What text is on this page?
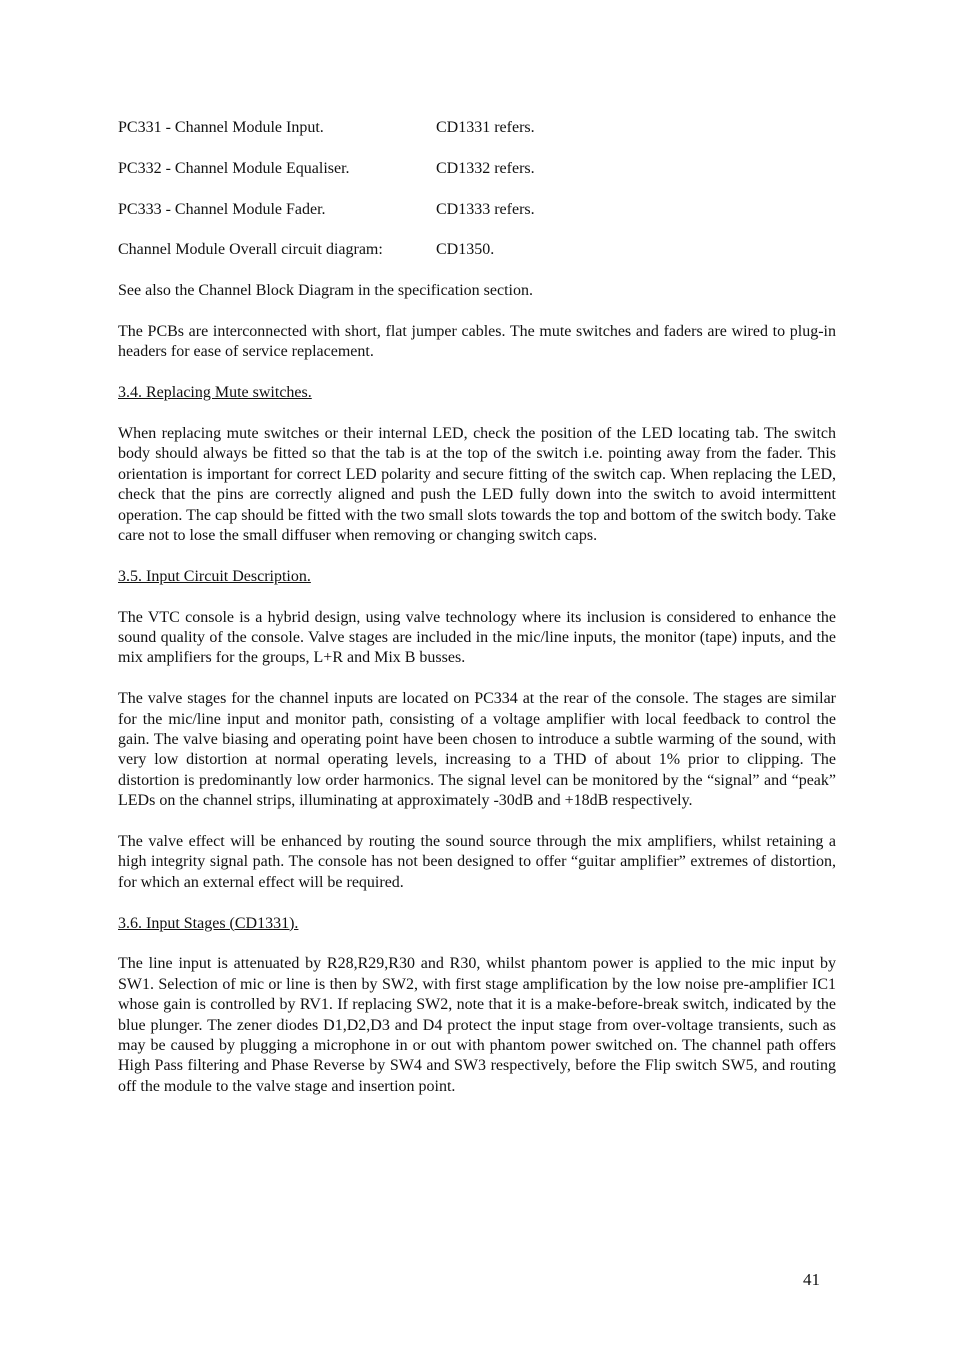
PC331 - Channel Module Input.	CD1331 refers.
PC332 - Channel Module Equaliser.	CD1332 refers.
PC333 - Channel Module Fader.	CD1333 refers.
Channel Module Overall circuit diagram:	CD1350.

See also the Channel Block Diagram in the specification section.

The PCBs are interconnected with short, flat jumper cables. The mute switches and faders are wired to plug-in headers for ease of service replacement.

3.4. Replacing Mute switches.

When replacing mute switches or their internal LED, check the position of the LED locating tab. The switch body should always be fitted so that the tab is at the top of the switch i.e. pointing away from the fader. This orientation is important for correct LED polarity and secure fitting of the switch cap. When replacing the LED, check that the pins are correctly aligned and push the LED fully down into the switch to avoid intermittent operation. The cap should be fitted with the two small slots towards the top and bottom of the switch body. Take care not to lose the small diffuser when removing or changing switch caps.

3.5. Input Circuit Description.

The VTC console is a hybrid design, using valve technology where its inclusion is considered to enhance the sound quality of the console. Valve stages are included in the mic/line inputs, the monitor (tape) inputs, and the mix amplifiers for the groups, L+R and Mix B busses.

The valve stages for the channel inputs are located on PC334 at the rear of the console. The stages are similar for the mic/line input and monitor path, consisting of a voltage amplifier with local feedback to control the gain. The valve biasing and operating point have been chosen to introduce a subtle warming of the sound, with very low distortion at normal operating levels, increasing to a THD of about 1% prior to clipping. The distortion is predominantly low order harmonics. The signal level can be monitored by the “signal” and “peak” LEDs on the channel strips, illuminating at approximately -30dB and +18dB respectively.

The valve effect will be enhanced by routing the sound source through the mix amplifiers, whilst retaining a high integrity signal path. The console has not been designed to offer “guitar amplifier” extremes of distortion, for which an external effect will be required.

3.6. Input Stages (CD1331).

The line input is attenuated by R28,R29,R30 and R30, whilst phantom power is applied to the mic input by SW1. Selection of mic or line is then by SW2, with first stage amplification by the low noise pre-amplifier IC1 whose gain is controlled by RV1. If replacing SW2, note that it is a make-before-break switch, indicated by the blue plunger. The zener diodes D1,D2,D3 and D4 protect the input stage from over-voltage transients, such as may be caused by plugging a microphone in or out with phantom power switched on. The channel path offers High Pass filtering and Phase Reverse by SW4 and SW3 respectively, before the Flip switch SW5, and routing off the module to the valve stage and insertion point.

41
